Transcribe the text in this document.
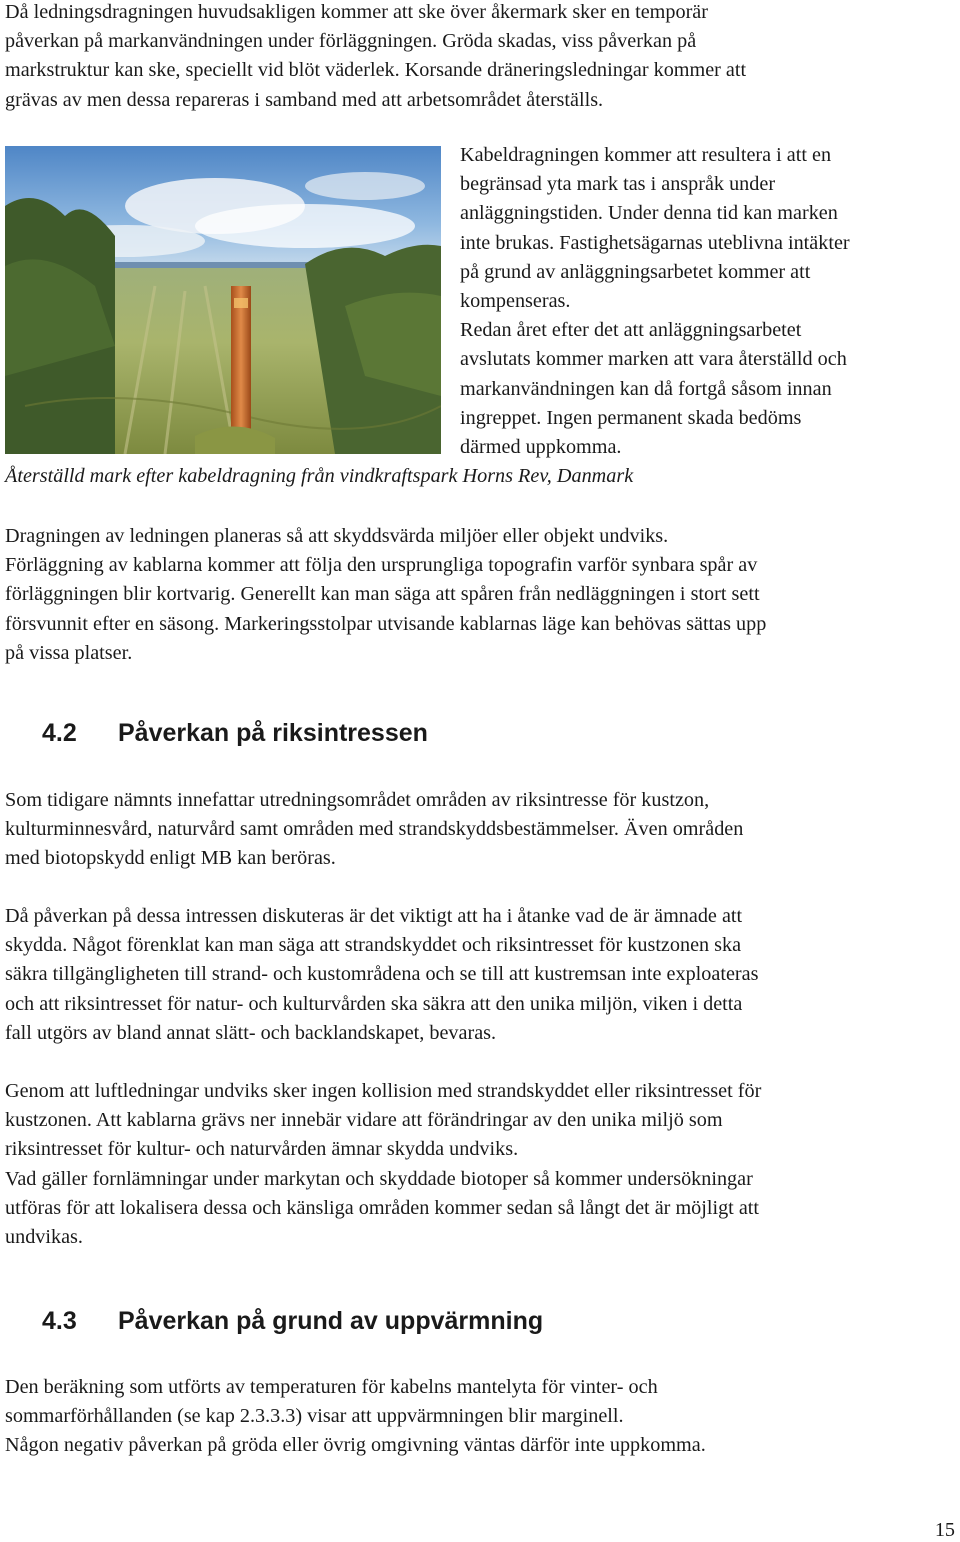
Då ledningsdragningen huvudsakligen kommer att ske över åkermark sker en temporär
påverkan på markanvändningen under förläggningen. Gröda skadas, viss påverkan på
markstruktur kan ske, speciellt vid blöt väderlek. Korsande dräneringsledningar kommer att
grävas av men dessa repareras i samband med att arbetsområdet återställs.

Kabeldragningen kommer att resultera i att en
begränsad yta mark tas i anspråk under
anläggningstiden. Under denna tid kan marken
inte brukas. Fastighetsägarnas uteblivna intäkter
på grund av anläggningsarbetet kommer att
kompenseras.
Redan året efter det att anläggningsarbetet
avslutats kommer marken att vara återställd och
markanvändningen kan då fortgå såsom innan
ingreppet. Ingen permanent skada bedöms
därmed uppkomma.

Återställd mark efter kabeldragning från vindkraftspark Horns Rev, Danmark

Dragningen av ledningen planeras så att skyddsvärda miljöer eller objekt undviks.
Förläggning av kablarna kommer att följa den ursprungliga topografin varför synbara spår av
förläggningen blir kortvarig. Generellt kan man säga att spåren från nedläggningen i stort sett
försvunnit efter en säsong. Markeringsstolpar utvisande kablarnas läge kan behövas sättas upp
på vissa platser.

4.2 Påverkan på riksintressen

Som tidigare nämnts innefattar utredningsområdet områden av riksintresse för kustzon,
kulturminnesvård, naturvård samt områden med strandskyddsbestämmelser. Även områden
med biotopskydd enligt MB kan beröras.

Då påverkan på dessa intressen diskuteras är det viktigt att ha i åtanke vad de är ämnade att
skydda. Något förenklat kan man säga att strandskyddet och riksintresset för kustzonen ska
säkra tillgängligheten till strand- och kustområdena och se till att kustremsan inte exploateras
och att riksintresset för natur- och kulturvården ska säkra att den unika miljön, viken i detta
fall utgörs av bland annat slätt- och backlandskapet, bevaras.

Genom att luftledningar undviks sker ingen kollision med strandskyddet eller riksintresset för
kustzonen. Att kablarna grävs ner innebär vidare att förändringar av den unika miljö som
riksintresset för kultur- och naturvården ämnar skydda undviks.
Vad gäller fornlämningar under markytan och skyddade biotoper så kommer undersökningar
utföras för att lokalisera dessa och känsliga områden kommer sedan så långt det är möjligt att
undvikas.

4.3 Påverkan på grund av uppvärmning

Den beräkning som utförts av temperaturen för kabelns mantelyta för vinter- och
sommarförhållanden (se kap 2.3.3.3) visar att uppvärmningen blir marginell.
Någon negativ påverkan på gröda eller övrig omgivning väntas därför inte uppkomma.

15
